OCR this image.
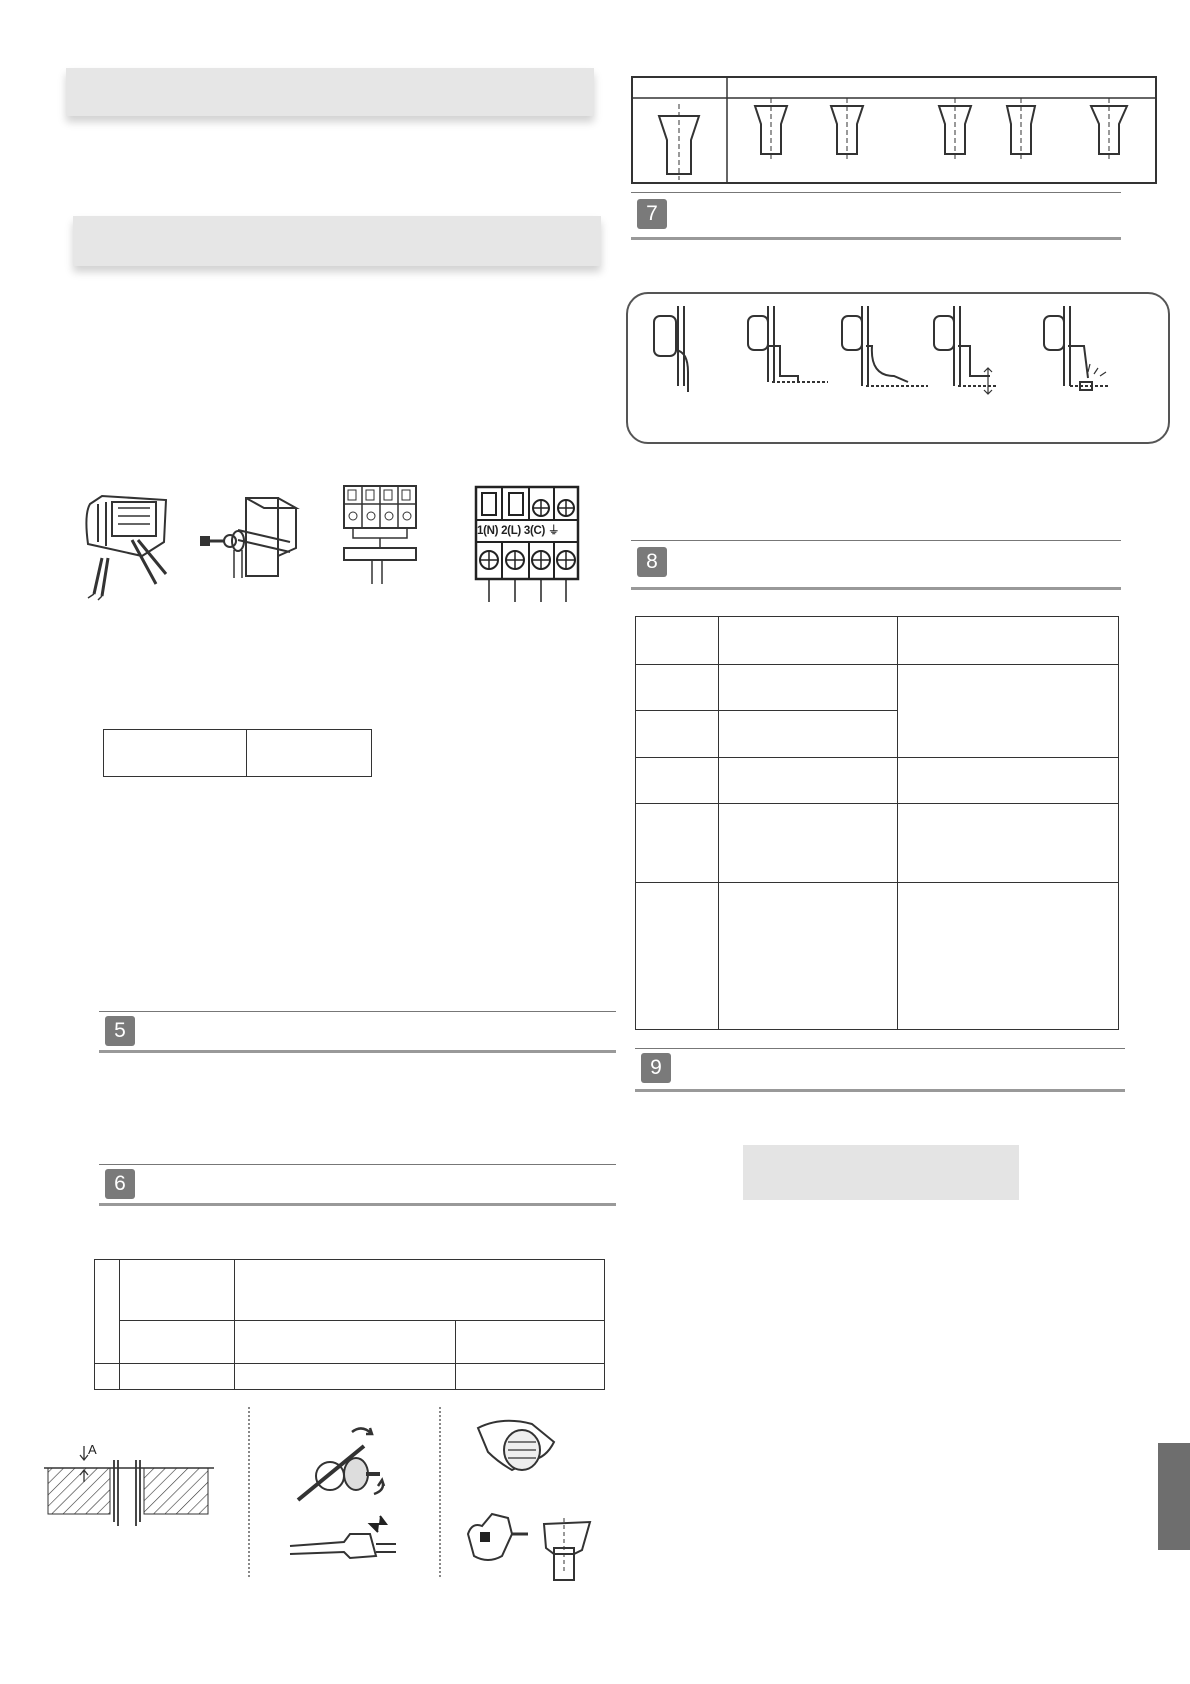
1(N) 2(L) 3(C) ⏚

5
6

A
7
8

9
